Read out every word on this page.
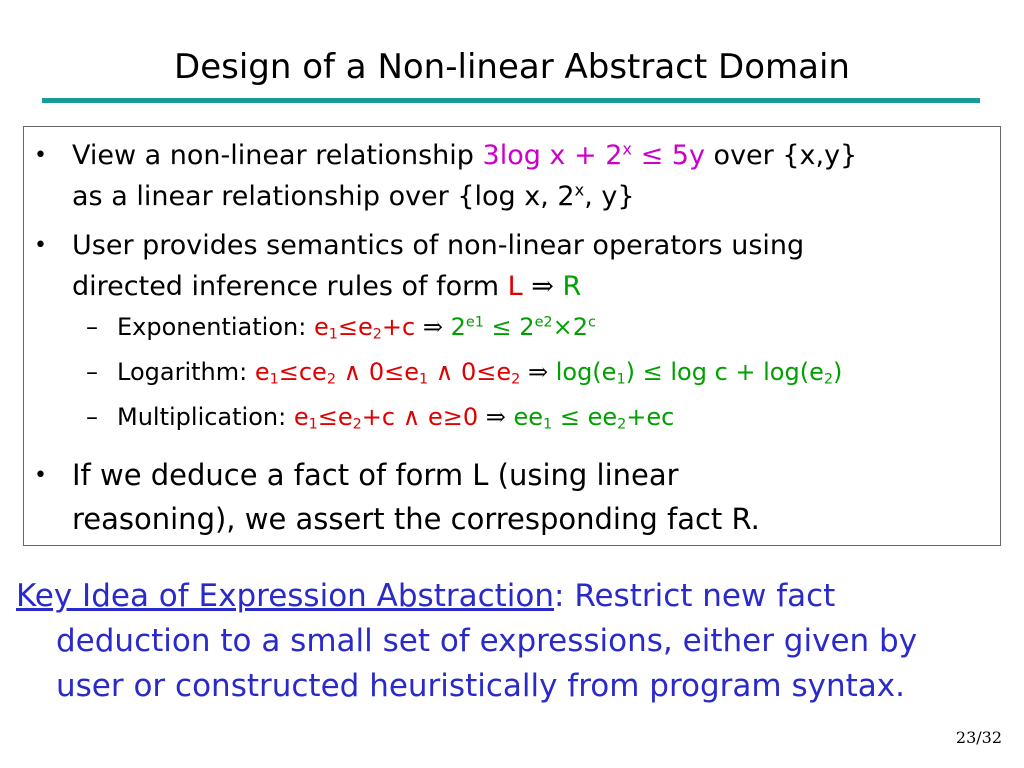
Design of a Non-linear Abstract Domain
• View a non-linear relationship 3log $x + 2^x \le 5y$ over {x,y}
as a linear relationship over {log x, 2$^x$, y}
• User provides semantics of non-linear operators using
directed inference rules of form L ⇒ R
– Exponentiation: $e_1\le e_2+c$ ⇒ $2^{e1} \le 2^{e2}\times 2^c$
– Logarithm: $e_1\le ce_2$ ∧ $0\le e_1$ ∧ $0\le e_2$ ⇒ $\log(e_1) \le \log c + \log(e_2)$
– Multiplication: $e_1\le e_2+c$ ∧ e≥0 ⇒ $ee_1 \le ee_2+ec$
• If we deduce a fact of form L (using linear
reasoning), we assert the corresponding fact R.
Key Idea of Expression Abstraction: Restrict new fact
deduction to a small set of expressions, either given by
user or constructed heuristically from program syntax.
23/32
